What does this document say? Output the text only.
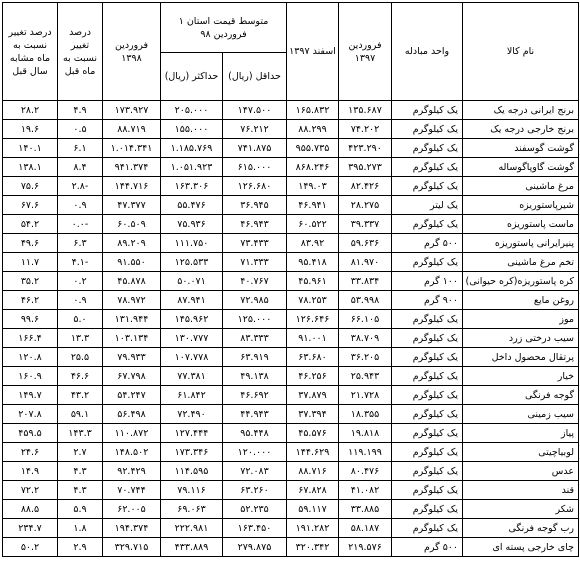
نام کالا	واحد مبادله	فروردین ۱۳۹۷	اسفند ۱۳۹۷	متوسط قیمت استان ۱ فروردین ۹۸		فروردین ۱۳۹۸	درصد تغییر نسبت به ماه قبل	درصد تغییر نسبت به ماه مشابه سال قبل
				حداقل (ریال)	حداکثر (ریال)			
برنج ایرانی درجه یک	یک کیلوگرم	۱۳۵.۶۸۷	۱۶۵.۸۳۲	۱۴۷.۵۰۰	۲۰۵.۰۰۰	۱۷۳.۹۲۷	۴.۹	۲۸.۲
برنج خارجی درجه یک	یک کیلوگرم	۷۴.۲۰۲	۸۸.۲۹۹	۷۶.۲۱۲	۱۵۵.۰۰۰	۸۸.۷۱۹	۰.۵	۱۹.۶
گوشت گوسفند	یک کیلوگرم	۴۲۳.۲۹۰	۹۵۵.۷۳۵	۷۴۱.۸۷۵	۱.۱۸۵.۷۶۹	۱.۰۱۴.۳۴۱	۶.۱	۱۴۰.۱
گوشت گاوپاگوساله	یک کیلوگرم	۳۹۵.۲۷۳	۸۶۸.۲۴۶	۶۱۵.۰۰۰	۱.۰۵۱.۹۲۳	۹۴۱.۳۷۴	۸.۴	۱۳۸.۱
مرغ ماشینی	یک کیلوگرم	۸۲.۴۲۶	۱۴۹.۰۳	۱۲۶.۶۸۰	۱۶۳.۳۰۶	۱۴۴.۷۱۶	-۲.۸	۷۵.۶
شیرپاستوریزه	یک لیتر	۲۸.۲۷۵	۴۶.۹۴۱	۳۶.۹۴۵	۵۵.۴۷۶	۴۷.۳۷۷	۰.۹	۶۷.۶
ماست پاستوریزه	یک کیلوگرم	۳۹.۳۳۷	۶۰.۵۲۲	۴۶.۹۴۳	۷۵.۹۳۶	۶۰.۵۰۹	-۰.۰	۵۴.۲
پنیرایرانی پاستوریزه	۵۰۰ گرم	۵۹.۶۳۶	۸۳.۹۲	۷۳.۴۳۳	۱۱۱.۷۵۰	۸۹.۲۰۹	۶.۳	۴۹.۶
تخم مرغ ماشینی	یک کیلوگرم	۸۱.۹۷۰	۹۵.۴۱۸	۷۱.۳۳۳	۱۲۵.۵۳۳	۹۱.۵۵۰	-۴.۱	۱۱.۷
کره پاستوریزه(کره حیوانی)	۱۰۰ گرم	۳۳.۸۳۴	۴۵.۹۶۱	۴۰.۷۶۷	۵۰.۰۷۱	۴۵.۸۷۸	۰.۲	۳۵.۲
روغن مایع	۹۰۰ گرم	۵۳.۹۹۸	۷۸.۲۵۳	۷۲.۹۸۵	۸۷.۹۴۱	۷۸.۹۷۲	۰.۹	۴۶.۲
موز	یک کیلوگرم	۶۶.۱۰۵	۱۲۶.۶۴۶	۱۲۵.۰۰۰	۱۴۵.۹۶۲	۱۳۱.۹۴۴	۵.۰	۹۹.۶
سیب درختی زرد	یک کیلوگرم	۳۸.۷۰۹	۹۱.۰۰۱	۸۳.۳۳۳	۱۳۰.۷۷۷	۱۰۳.۱۳۴	۱۳.۳	۱۶۶.۴
پرتقال محصول داخل	یک کیلوگرم	۳۶.۲۰۵	۶۳.۶۸۰	۶۳.۹۱۹	۱۰۷.۷۷۸	۷۹.۹۳۳	۲۵.۵	۱۲۰.۸
خیار	یک کیلوگرم	۲۵.۹۴۳	۴۶.۲۵۶	۴۹.۱۳۸	۷۷.۳۸۱	۶۷.۷۹۸	۴۶.۶	۱۶۰.۹
گوجه فرنگی	یک کیلوگرم	۲۱.۷۲۸	۳۷.۸۷۹	۴۶.۶۹۲	۶۱.۸۴۲	۵۴.۲۴۷	۴۳.۲	۱۴۹.۷
سیب زمینی	یک کیلوگرم	۱۸.۳۵۵	۳۷.۳۹۴	۴۴.۹۴۳	۷۲.۴۹۰	۵۶.۴۹۸	۵۹.۱	۲۰۷.۸
پیاز	یک کیلوگرم	۱۹.۸۱۸	۴۵.۵۷۶	۹۵.۴۴۸	۱۲۷.۴۴۴	۱۱۰.۸۷۲	۱۴۳.۳	۴۵۹.۵
لوبیاچیتی	یک کیلوگرم	۱۱۹.۱۹۹	۱۴۴.۶۲۹	۱۲۰.۰۰۰	۱۷۳.۳۴۶	۱۴۸.۵۰۲	۲.۷	۲۴.۶
عدس	یک کیلوگرم	۸۰.۴۷۶	۸۸.۷۱۶	۷۲.۰۸۳	۱۱۴.۵۹۵	۹۲.۴۲۹	۴.۳	۱۴.۹
قند	یک کیلوگرم	۴۱.۰۸۲	۶۷.۸۲۸	۶۳.۲۶۰	۷۹.۱۱۶	۷۰.۷۴۴	۴.۳	۷۲.۲
شکر	یک کیلوگرم	۳۳.۸۸۵	۵۹.۱۱۷	۵۲.۲۳۵	۶۹.۰۶۳	۶۲.۰۰۵	۵.۹	۸۸.۵
رب گوجه فرنگی	یک کیلوگرم	۵۸.۱۸۷	۱۹۱.۲۸۲	۱۶۳.۴۵۰	۲۲۲.۹۸۱	۱۹۴.۳۷۴	۱.۸	۲۳۴.۷
چای خارجی پسته ای	۵۰۰ گرم	۲۱۹.۵۷۶	۳۲۰.۳۴۲	۲۷۹.۸۷۵	۴۳۳.۸۸۹	۳۲۹.۷۱۵	۲.۹	۵۰.۲
